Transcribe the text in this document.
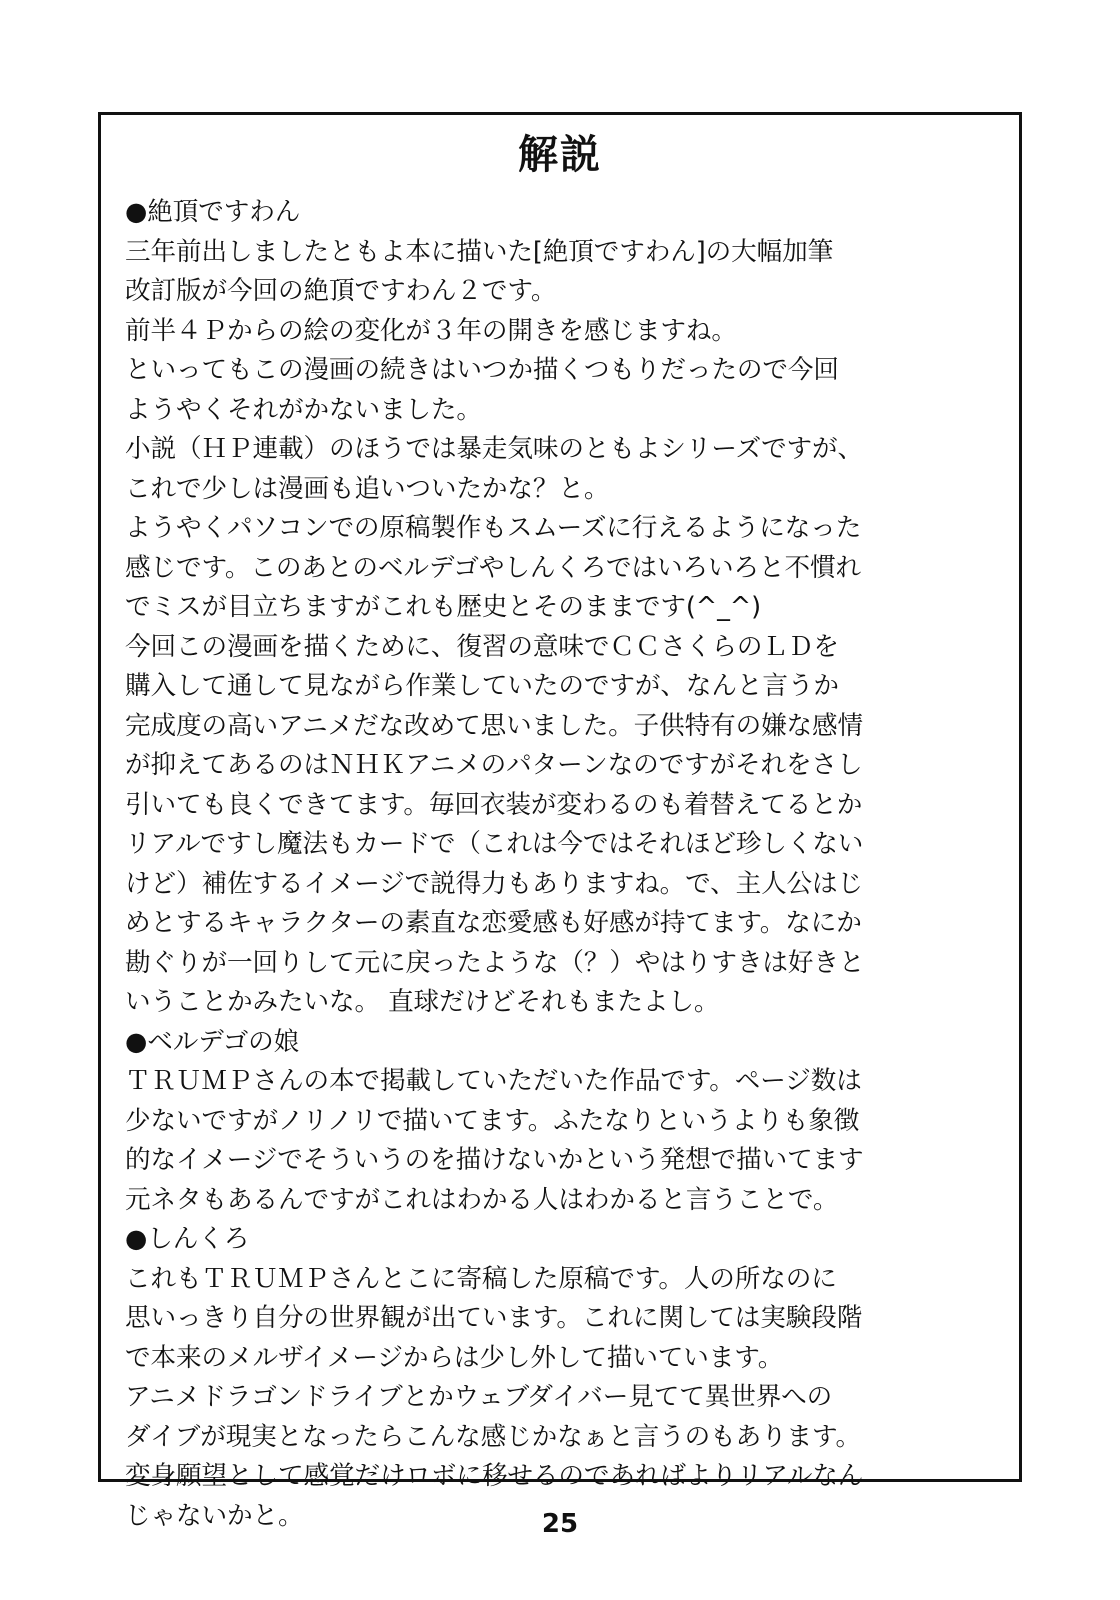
解説
●絶頂ですわん
三年前出しましたともよ本に描いた[絶頂ですわん]の大幅加筆
改訂版が今回の絶頂ですわん２です。
前半４Ｐからの絵の変化が３年の開きを感じますね。
といってもこの漫画の続きはいつか描くつもりだったので今回
ようやくそれがかないました。
小説（ＨＰ連載）のほうでは暴走気味のともよシリーズですが、
これで少しは漫画も追いついたかな？と。
ようやくパソコンでの原稿製作もスムーズに行えるようになった
感じです。このあとのベルデゴやしんくろではいろいろと不慣れ
でミスが目立ちますがこれも歴史とそのままです(^_^)
今回この漫画を描くために、復習の意味でＣＣさくらのＬＤを
購入して通して見ながら作業していたのですが、なんと言うか
完成度の高いアニメだな改めて思いました。子供特有の嫌な感情
が抑えてあるのはＮＨＫアニメのパターンなのですがそれをさし
引いても良くできてます。毎回衣装が変わるのも着替えてるとか
リアルですし魔法もカードで（これは今ではそれほど珍しくない
けど）補佐するイメージで説得力もありますね。で、主人公はじ
めとするキャラクターの素直な恋愛感も好感が持てます。なにか
勘ぐりが一回りして元に戻ったような（？）やはりすきは好きと
いうことかみたいな。 直球だけどそれもまたよし。
●ベルデゴの娘
ＴＲＵＭＰさんの本で掲載していただいた作品です。ページ数は
少ないですがノリノリで描いてます。ふたなりというよりも象徴
的なイメージでそういうのを描けないかという発想で描いてます
元ネタもあるんですがこれはわかる人はわかると言うことで。
●しんくろ
これもＴＲＵＭＰさんとこに寄稿した原稿です。人の所なのに
思いっきり自分の世界観が出ています。これに関しては実験段階
で本来のメルザイメージからは少し外して描いています。
アニメドラゴンドライブとかウェブダイバー見てて異世界への
ダイブが現実となったらこんな感じかなぁと言うのもあります。
変身願望として感覚だけロボに移せるのであればよりリアルなん
じゃないかと。	25
